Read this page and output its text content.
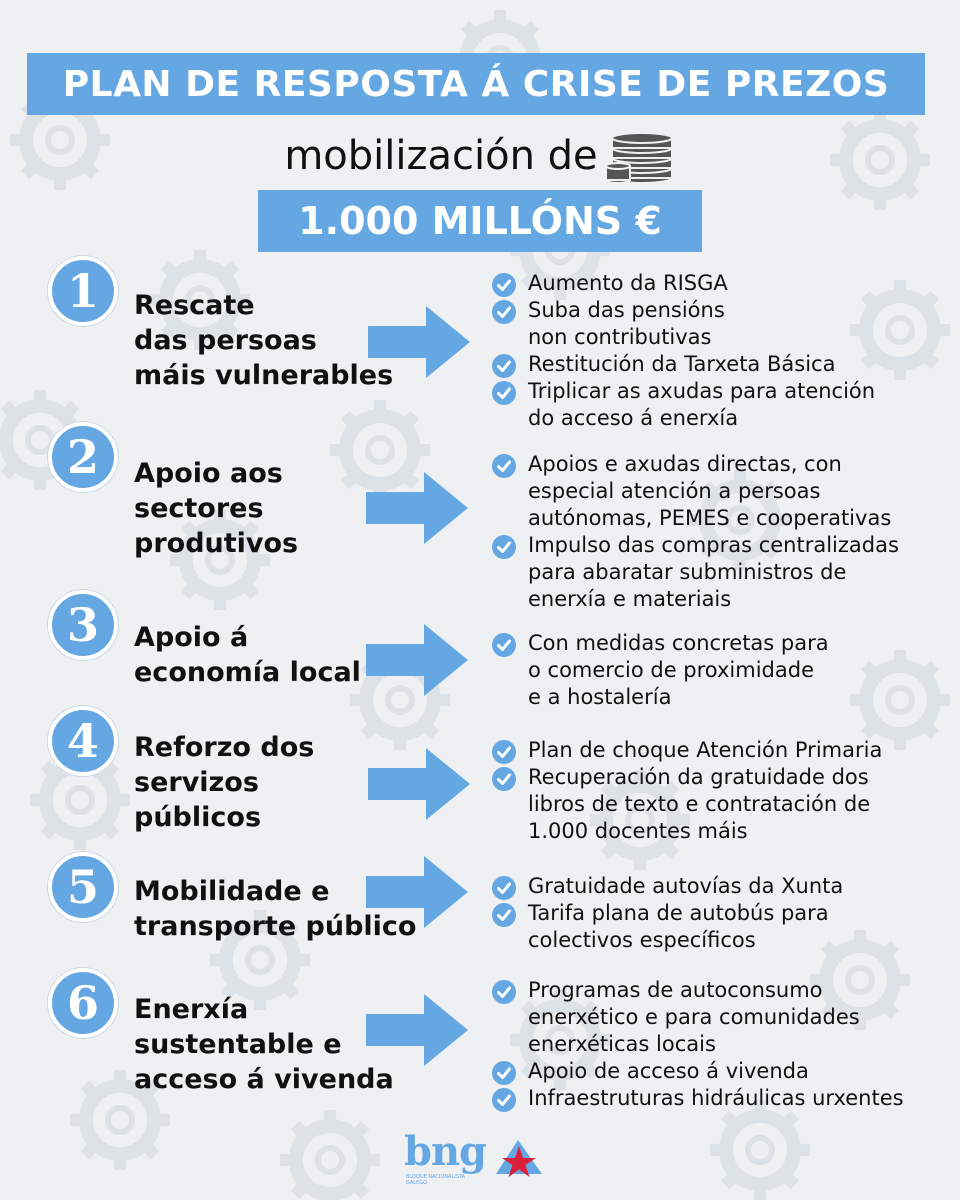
PLAN DE RESPOSTA Á CRISE DE PREZOS
mobilización de
1.000 MILLÓNS €
1	Rescate
das persoas
máis vulnerables
Aumento da RISGA
Suba das pensións
non contributivas
Restitución da Tarxeta Básica
Triplicar as axudas para atención
do acceso á enerxía
2	Apoio aos
sectores
produtivos
Apoios e axudas directas, con
especial atención a persoas
autónomas, PEMES e cooperativas
Impulso das compras centralizadas
para abaratar subministros de
enerxía e materiais
3	Apoio á
economía local
Con medidas concretas para
o comercio de proximidade
e a hostalería
4	Reforzo dos
servizos
públicos
Plan de choque Atención Primaria
Recuperación da gratuidade dos
libros de texto e contratación de
1.000 docentes máis
5	Mobilidade e
transporte público
Gratuidade autovías da Xunta
Tarifa plana de autobús para
colectivos específicos
6	Enerxía
sustentable e
acceso á vivenda
Programas de autoconsumo
enerxético e para comunidades
enerxéticas locais
Apoio de acceso á vivenda
Infraestruturas hidráulicas urxentes
bng
BLOQUE NACIONALISTA GALEGO
